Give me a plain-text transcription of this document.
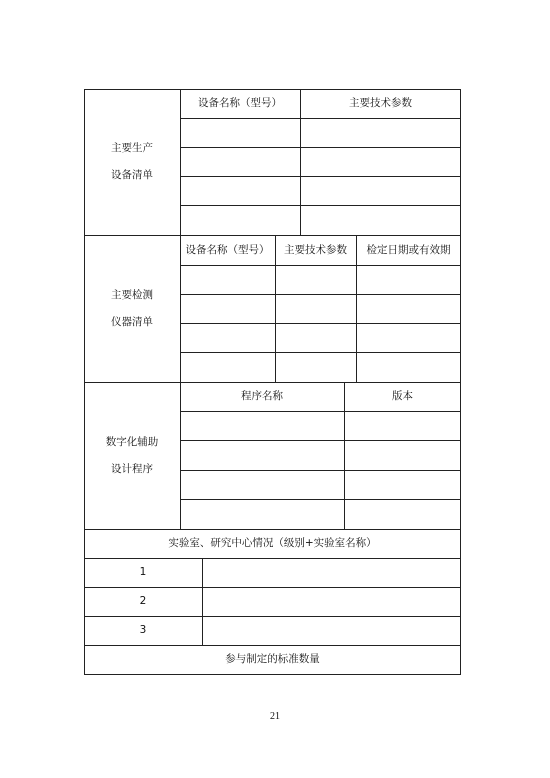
主要生产
设备清单
设备名称（型号）	主要技术参数
主要检测
仪器清单
设备名称（型号）	主要技术参数	检定日期或有效期
数字化辅助
设计程序
程序名称	版本
实验室、研究中心情况（级别+实验室名称）
1
2
3
参与制定的标准数量
21
